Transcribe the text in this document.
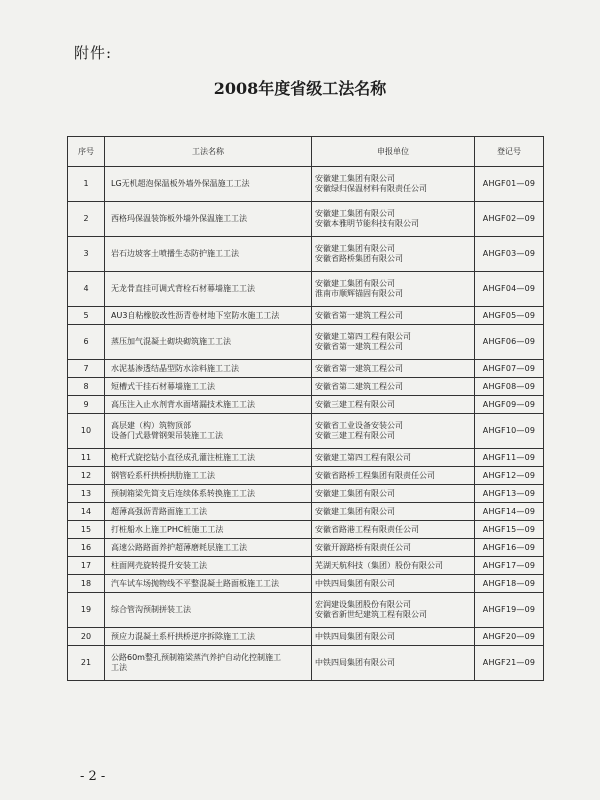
附件:
2008年度省级工法名称
序号	工法名称	申报单位	登记号
1	LG无机超泡保温板外墙外保温施工工法	安徽建工集团有限公司
安徽绿归保温材料有限责任公司	AHGF01—09
2	西格玛保温装饰板外墙外保温施工工法	安徽建工集团有限公司
安徽本雅明节能科技有限公司	AHGF02—09
3	岩石边坡客土喷播生态防护施工工法	安徽建工集团有限公司
安徽省路桥集团有限公司	AHGF03—09
4	无龙骨直挂可调式背栓石材幕墙施工工法	安徽建工集团有限公司
淮南市顺辉锚固有限公司	AHGF04—09
5	AU3自粘橡胶改性沥青卷材地下室防水施工工法	安徽省第一建筑工程公司	AHGF05—09
6	蒸压加气混凝土砌块砌筑施工工法	安徽建工第四工程有限公司
安徽省第一建筑工程公司	AHGF06—09
7	水泥基渗透结晶型防水涂料施工工法	安徽省第一建筑工程公司	AHGF07—09
8	短槽式干挂石材幕墙施工工法	安徽省第二建筑工程公司	AHGF08—09
9	高压注入止水剂背水面堵漏技术施工工法	安徽三建工程有限公司	AHGF09—09
10	高层建（构）筑物顶部
设备门式悬臂钢架吊装施工工法	安徽省工业设备安装公司
安徽三建工程有限公司	AHGF10—09
11	桅杆式旋挖钻小直径成孔灌注桩施工工法	安徽建工第四工程有限公司	AHGF11—09
12	钢管砼系杆拱桥拱肋施工工法	安徽省路桥工程集团有限责任公司	AHGF12—09
13	预制箱梁先简支后连续体系转换施工工法	安徽建工集团有限公司	AHGF13—09
14	超薄高强沥青路面施工工法	安徽建工集团有限公司	AHGF14—09
15	打桩船水上施工PHC桩施工工法	安徽省路港工程有限责任公司	AHGF15—09
16	高速公路路面养护超薄磨耗层施工工法	安徽开源路桥有限责任公司	AHGF16—09
17	柱面网壳旋转提升安装工法	芜湖天航科技（集团）股份有限公司	AHGF17—09
18	汽车试车场抛物线不平整混凝土路面板施工工法	中铁四局集团有限公司	AHGF18—09
19	综合管沟预制拼装工法	宏润建设集团股份有限公司
安徽省新世纪建筑工程有限公司	AHGF19—09
20	预应力混凝土系杆拱桥逆序拆除施工工法	中铁四局集团有限公司	AHGF20—09
21	公路60m整孔预制箱梁蒸汽养护自动化控制施工
工法	中铁四局集团有限公司	AHGF21—09
- 2 -
